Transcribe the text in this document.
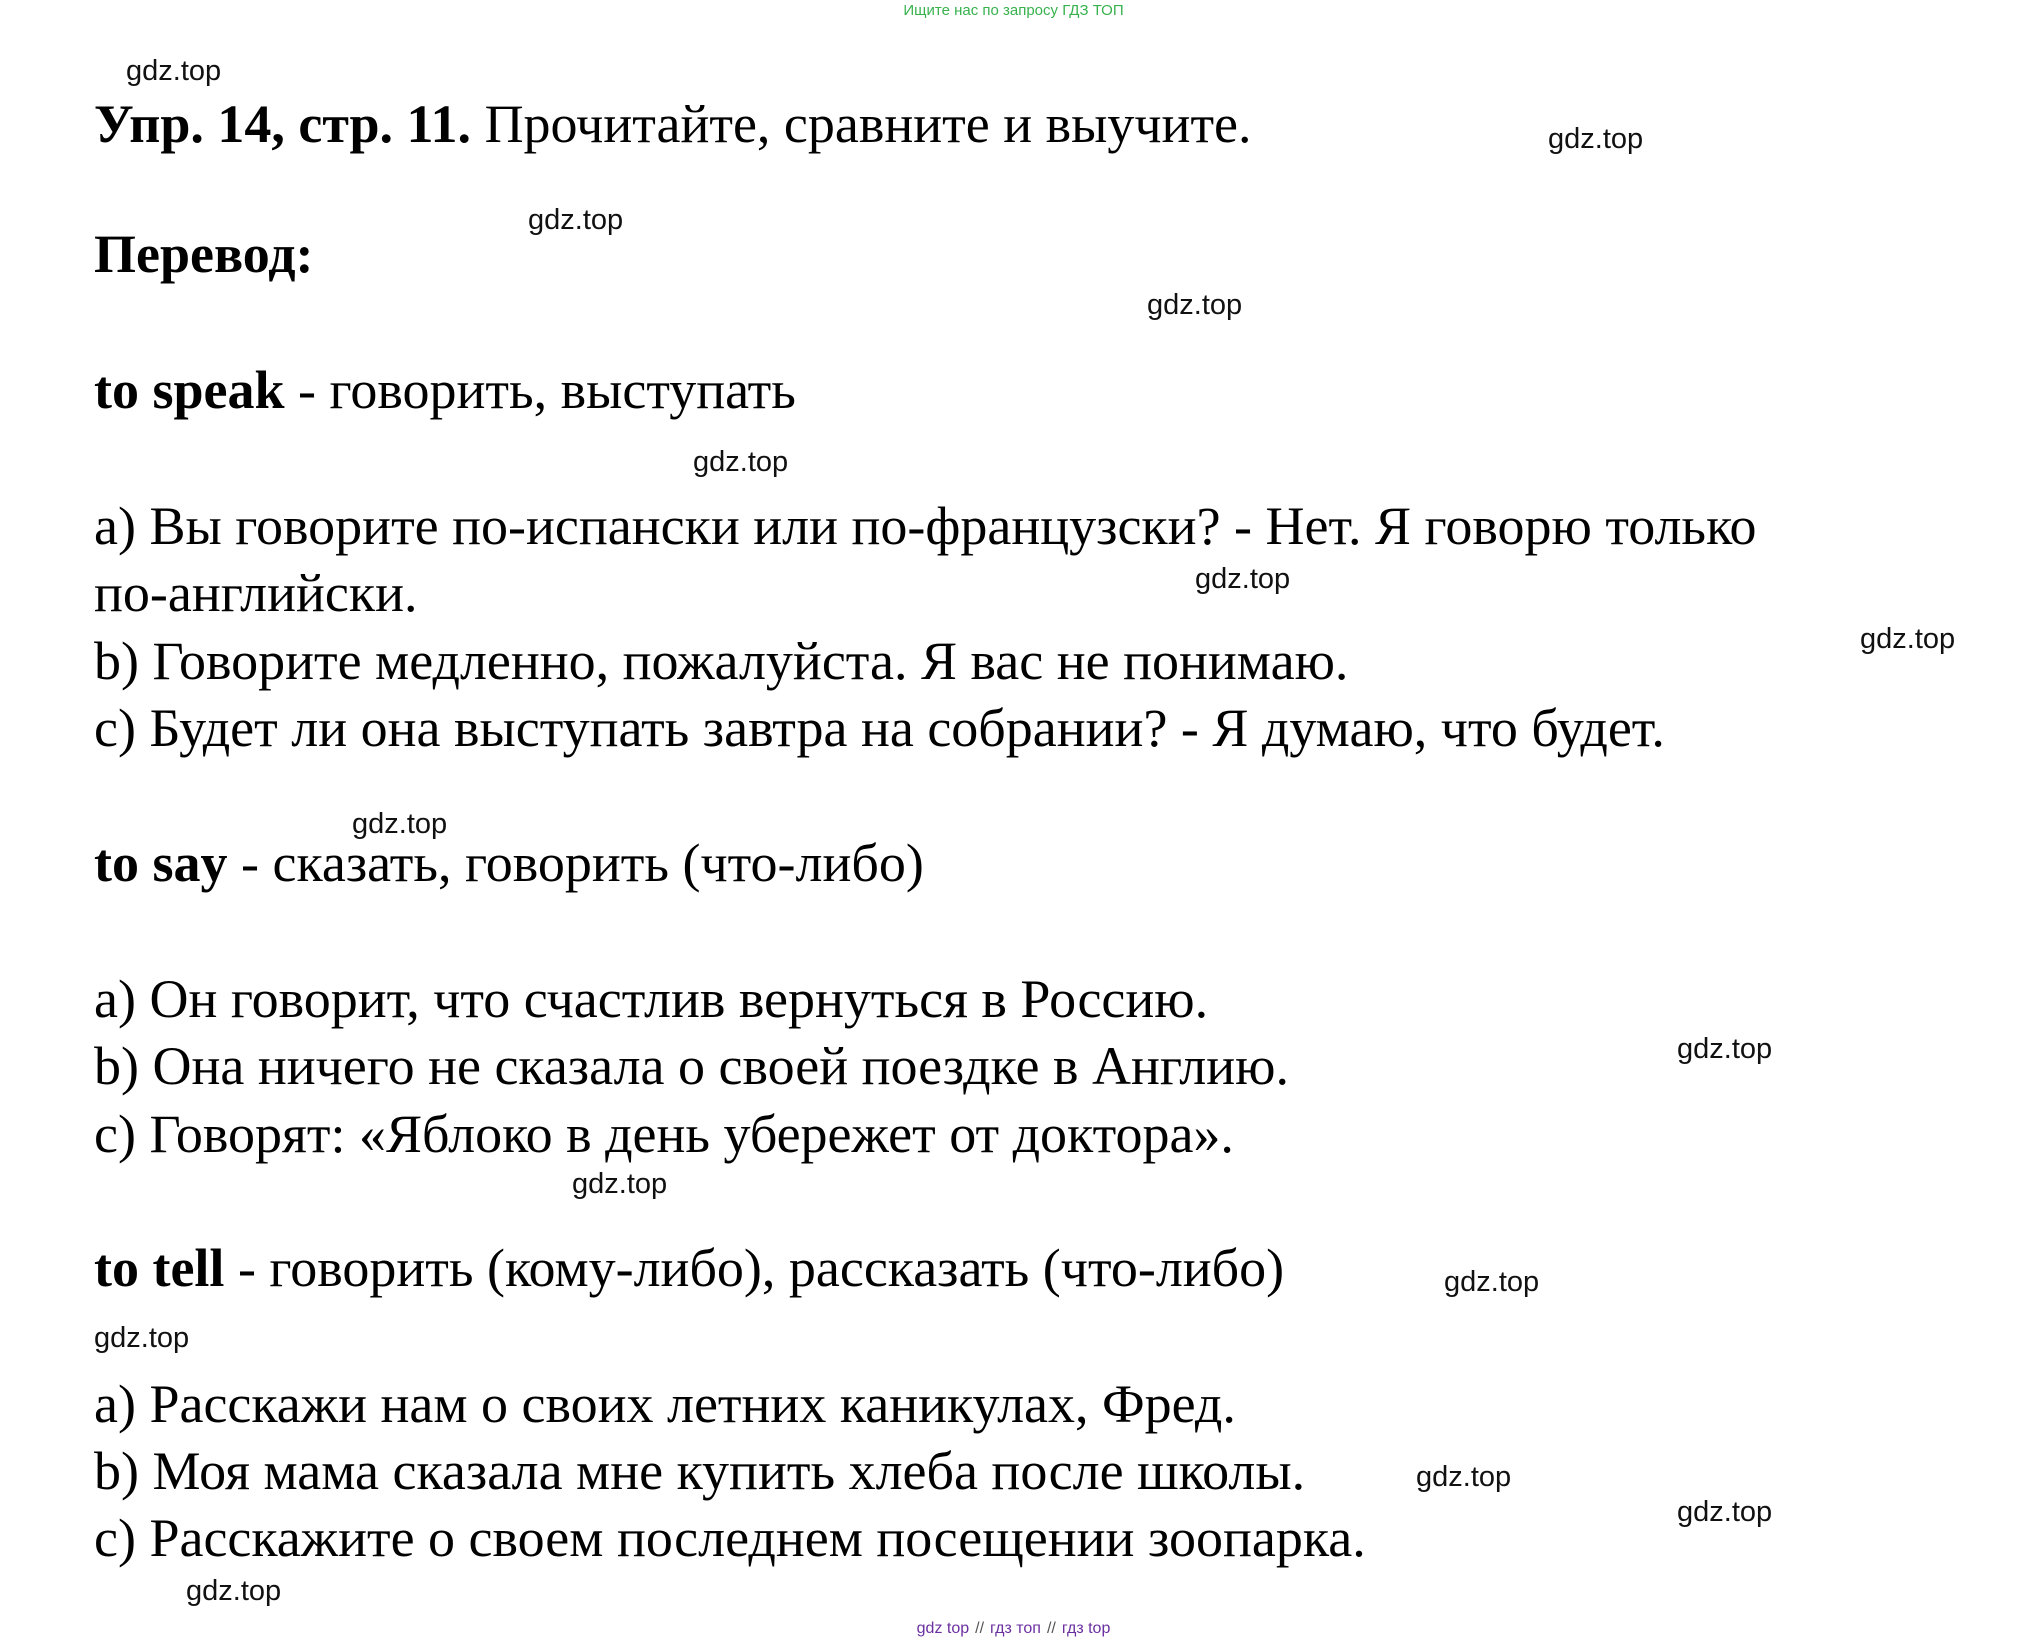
Ищите нас по запросу ГДЗ ТОП
gdz.top
gdz.top
gdz.top
gdz.top
gdz.top
gdz.top
gdz.top
gdz.top
gdz.top
gdz.top
gdz.top
gdz.top
gdz.top
gdz.top
gdz.top
Упр. 14, стр. 11. Прочитайте, сравните и выучите.
Перевод:
to speak - говорить, выступать
a) Вы говорите по-испански или по-французски? - Нет. Я говорю только
по-английски.
b) Говорите медленно, пожалуйста. Я вас не понимаю.
c) Будет ли она выступать завтра на собрании? - Я думаю, что будет.
to say - сказать, говорить (что-либо)
a) Он говорит, что счастлив вернуться в Россию.
b) Она ничего не сказала о своей поездке в Англию.
c) Говорят: «Яблоко в день убережет от доктора».
to tell - говорить (кому-либо), рассказать (что-либо)
a) Расскажи нам о своих летних каникулах, Фред.
b) Моя мама сказала мне купить хлеба после школы.
c) Расскажите о своем последнем посещении зоопарка.
gdz top // гдз топ // гдз top
